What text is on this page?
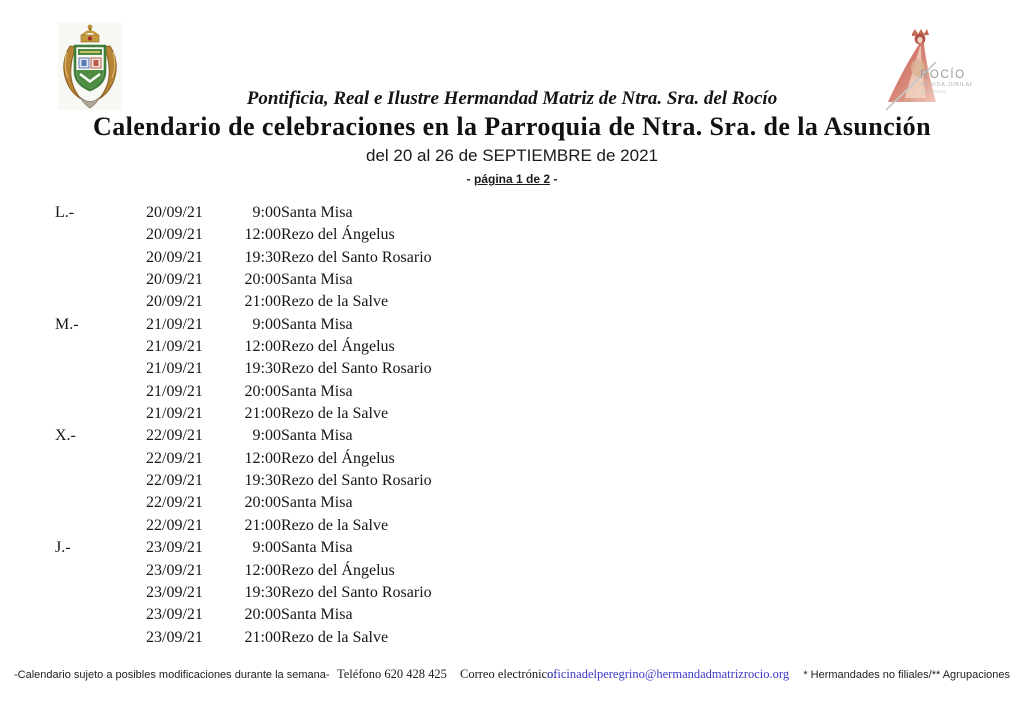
ROCÍO
VENIDA JUBILAR
2019/2020
Pontificia, Real e Ilustre Hermandad Matriz de Ntra. Sra. del Rocío
Calendario de celebraciones en la Parroquia de Ntra. Sra. de la Asunción
del 20 al 26 de SEPTIEMBRE de 2021
- página 1 de 2 -
L.-	20/09/21	9:00	Santa Misa
	20/09/21	12:00	Rezo del Ángelus
	20/09/21	19:30	Rezo del Santo Rosario
	20/09/21	20:00	Santa Misa
	20/09/21	21:00	Rezo de la Salve
M.-	21/09/21	9:00	Santa Misa
	21/09/21	12:00	Rezo del Ángelus
	21/09/21	19:30	Rezo del Santo Rosario
	21/09/21	20:00	Santa Misa
	21/09/21	21:00	Rezo de la Salve
X.-	22/09/21	9:00	Santa Misa
	22/09/21	12:00	Rezo del Ángelus
	22/09/21	19:30	Rezo del Santo Rosario
	22/09/21	20:00	Santa Misa
	22/09/21	21:00	Rezo de la Salve
J.-	23/09/21	9:00	Santa Misa
	23/09/21	12:00	Rezo del Ángelus
	23/09/21	19:30	Rezo del Santo Rosario
	23/09/21	20:00	Santa Misa
	23/09/21	21:00	Rezo de la Salve
-Calendario sujeto a posibles modificaciones durante la semana- Teléfono 620 428 425 Correo electrónico:
oficinadelperegrino@hermandadmatrizrocio.org * Hermandades no filiales/** Agrupaciones
